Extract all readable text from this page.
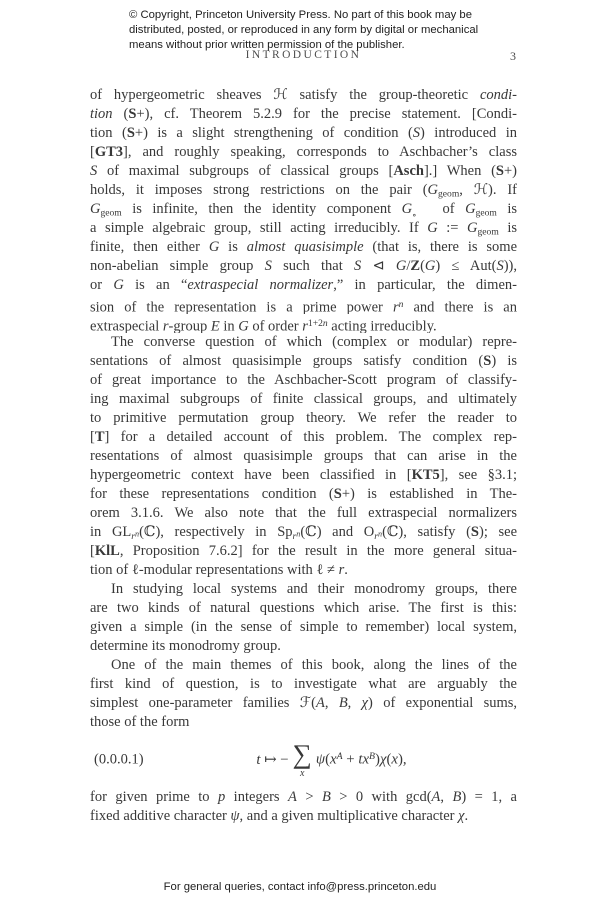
© Copyright, Princeton University Press. No part of this book may be
distributed, posted, or reproduced in any form by digital or mechanical
means without prior written permission of the publisher.
INTRODUCTION	3
of hypergeometric sheaves ℋ satisfy the group-theoretic condi-
tion (S+), cf. Theorem 5.2.9 for the precise statement. [Condi-
tion (S+) is a slight strengthening of condition (S) introduced in
[GT3], and roughly speaking, corresponds to Aschbacher’s class
S of maximal subgroups of classical groups [Asch].] When (S+)
holds, it imposes strong restrictions on the pair ($G_{geom}$, ℋ). If
$G_{geom}$ is infinite, then the identity component G ∘ of $G_{geom}$ is
a simple algebraic group, still acting irreducibly. If G := $G_{geom}$ is
finite, then either G is almost quasisimple (that is, there is some
non-abelian simple group S such that S ⊲ G/Z(G) ≤ Aut(S)),
or G is an “extraspecial normalizer,” in particular, the dimen-
sion of the representation is a prime power $r^n$ and there is an
extraspecial r-group E in G of order $r^{1+2n}$ acting irreducibly.
The converse question of which (complex or modular) repre-
sentations of almost quasisimple groups satisfy condition (S) is
of great importance to the Aschbacher-Scott program of classify-
ing maximal subgroups of finite classical groups, and ultimately
to primitive permutation group theory. We refer the reader to
[T] for a detailed account of this problem. The complex rep-
resentations of almost quasisimple groups that can arise in the
hypergeometric context have been classified in [KT5], see §3.1;
for these representations condition (S+) is established in The-
orem 3.1.6. We also note that the full extraspecial normalizers
in $GL_{r^n}(ℂ)$, respectively in $Sp_{r^n}(ℂ)$ and $O_{r^n}(ℂ)$, satisfy (S); see
[KlL, Proposition 7.6.2] for the result in the more general situa-
tion of ℓ-modular representations with ℓ ≠ r.
In studying local systems and their monodromy groups, there
are two kinds of natural questions which arise. The first is this:
given a simple (in the sense of simple to remember) local system,
determine its monodromy group.
One of the main themes of this book, along the lines of the
first kind of question, is to investigate what are arguably the
simplest one-parameter families ℱ(A, B, χ) of exponential sums,
those of the form
(0.0.0.1)	t ↦ − ∑
x
$\psi(x^A + tx^B)\chi(x)$,
for given prime to p integers A > B > 0 with gcd(A, B) = 1, a
fixed additive character ψ, and a given multiplicative character χ.
For general queries, contact info@press.princeton.edu
